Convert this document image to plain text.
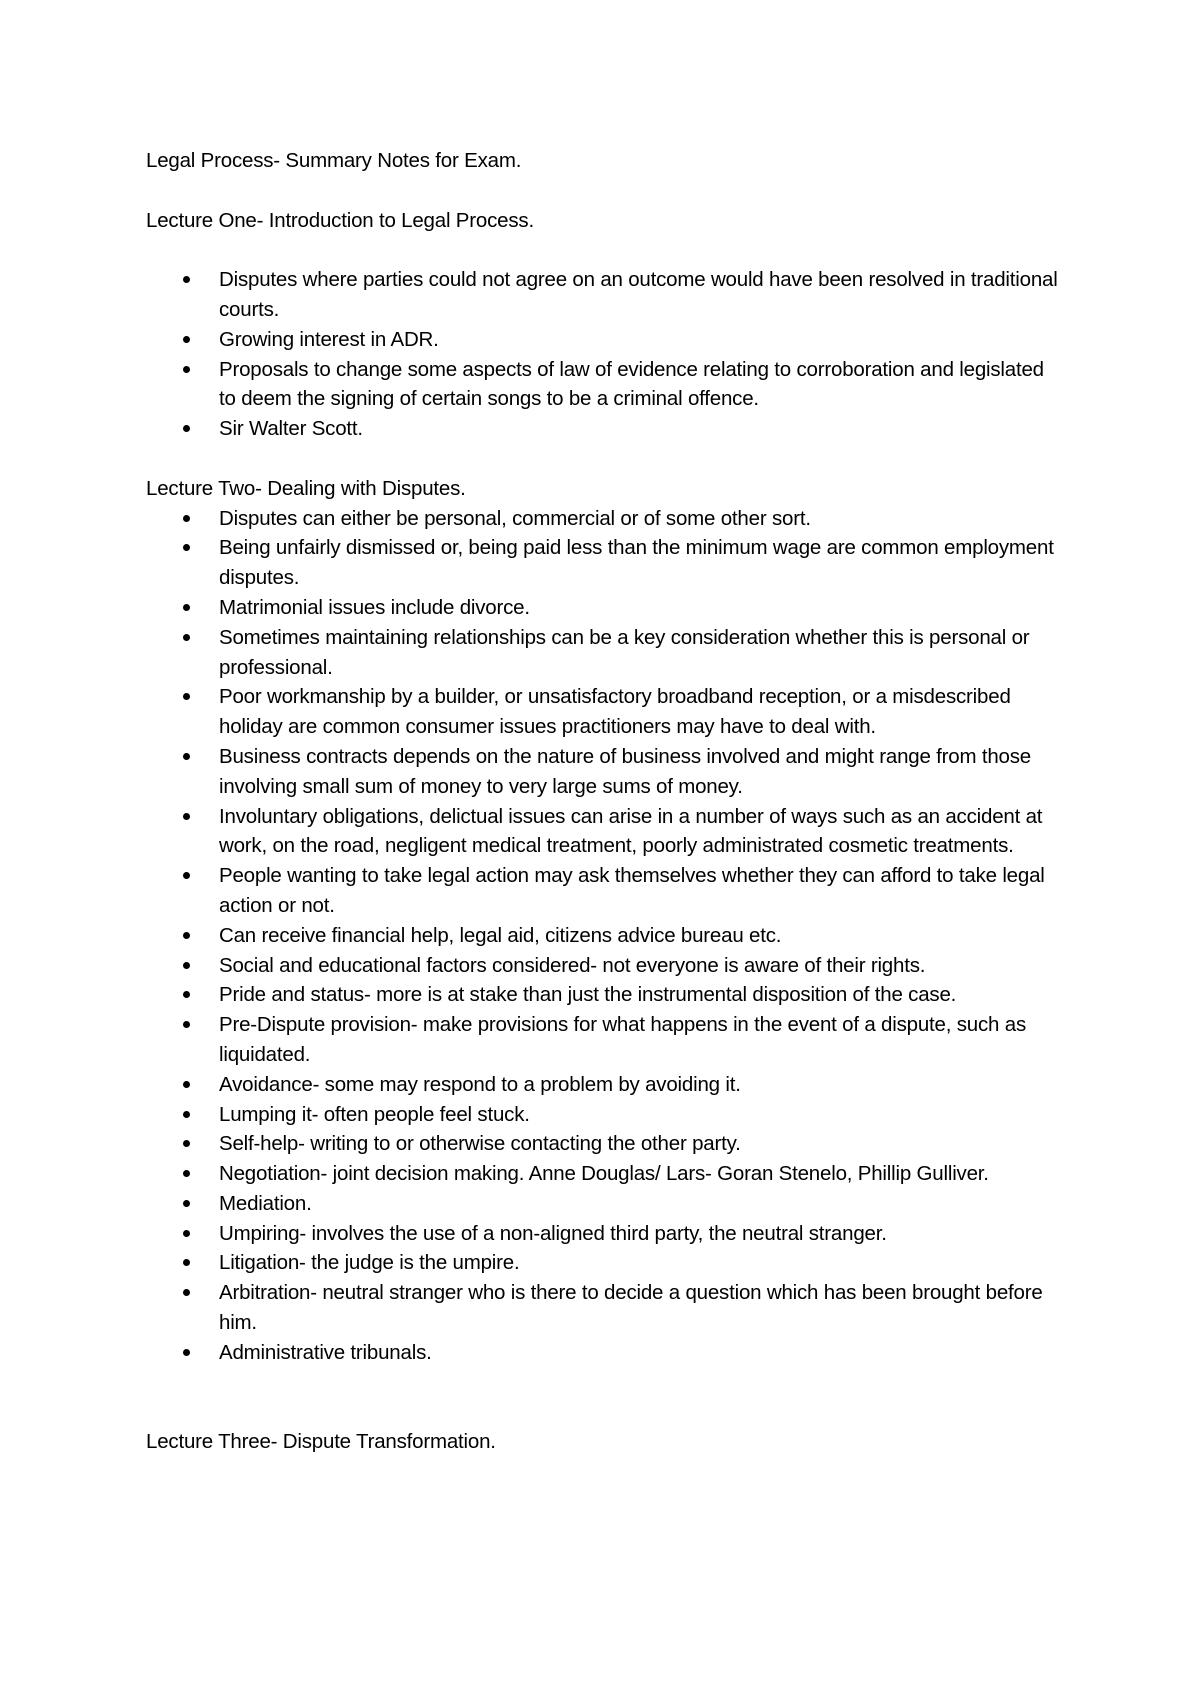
Legal Process- Summary Notes for Exam.

Lecture One- Introduction to Legal Process.

Disputes where parties could not agree on an outcome would have been resolved in traditional courts.
Growing interest in ADR.
Proposals to change some aspects of law of evidence relating to corroboration and legislated to deem the signing of certain songs to be a criminal offence.
Sir Walter Scott.

Lecture Two- Dealing with Disputes.

Disputes can either be personal, commercial or of some other sort.
Being unfairly dismissed or, being paid less than the minimum wage are common employment disputes.
Matrimonial issues include divorce.
Sometimes maintaining relationships can be a key consideration whether this is personal or professional.
Poor workmanship by a builder, or unsatisfactory broadband reception, or a misdescribed holiday are common consumer issues practitioners may have to deal with.
Business contracts depends on the nature of business involved and might range from those involving small sum of money to very large sums of money.
Involuntary obligations, delictual issues can arise in a number of ways such as an accident at work, on the road, negligent medical treatment, poorly administrated cosmetic treatments.
People wanting to take legal action may ask themselves whether they can afford to take legal action or not.
Can receive financial help, legal aid, citizens advice bureau etc.
Social and educational factors considered- not everyone is aware of their rights.
Pride and status- more is at stake than just the instrumental disposition of the case.
Pre-Dispute provision- make provisions for what happens in the event of a dispute, such as liquidated.
Avoidance- some may respond to a problem by avoiding it.
Lumping it- often people feel stuck.
Self-help- writing to or otherwise contacting the other party.
Negotiation- joint decision making. Anne Douglas/ Lars- Goran Stenelo, Phillip Gulliver.
Mediation.
Umpiring- involves the use of a non-aligned third party, the neutral stranger.
Litigation- the judge is the umpire.
Arbitration- neutral stranger who is there to decide a question which has been brought before him.
Administrative tribunals.

Lecture Three- Dispute Transformation.
